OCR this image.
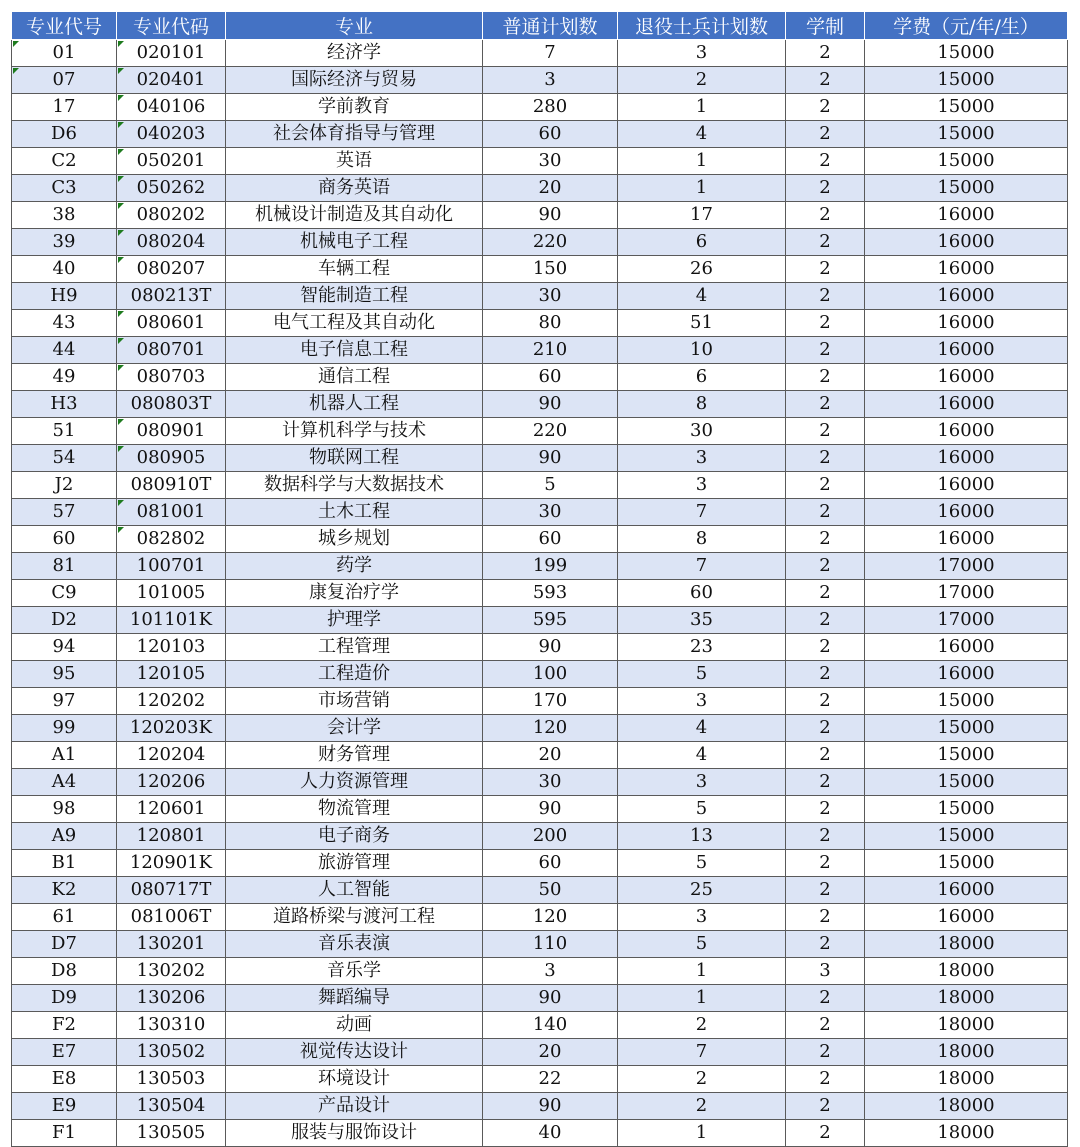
专业代号	专业代码	专业	普通计划数	退役士兵计划数	学制	学费（元/年/生）
01	020101	经济学	7	3	2	15000
07	020401	国际经济与贸易	3	2	2	15000
17	040106	学前教育	280	1	2	15000
D6	040203	社会体育指导与管理	60	4	2	15000
C2	050201	英语	30	1	2	15000
C3	050262	商务英语	20	1	2	15000
38	080202	机械设计制造及其自动化	90	17	2	16000
39	080204	机械电子工程	220	6	2	16000
40	080207	车辆工程	150	26	2	16000
H9	080213T	智能制造工程	30	4	2	16000
43	080601	电气工程及其自动化	80	51	2	16000
44	080701	电子信息工程	210	10	2	16000
49	080703	通信工程	60	6	2	16000
H3	080803T	机器人工程	90	8	2	16000
51	080901	计算机科学与技术	220	30	2	16000
54	080905	物联网工程	90	3	2	16000
J2	080910T	数据科学与大数据技术	5	3	2	16000
57	081001	土木工程	30	7	2	16000
60	082802	城乡规划	60	8	2	16000
81	100701	药学	199	7	2	17000
C9	101005	康复治疗学	593	60	2	17000
D2	101101K	护理学	595	35	2	17000
94	120103	工程管理	90	23	2	16000
95	120105	工程造价	100	5	2	16000
97	120202	市场营销	170	3	2	15000
99	120203K	会计学	120	4	2	15000
A1	120204	财务管理	20	4	2	15000
A4	120206	人力资源管理	30	3	2	15000
98	120601	物流管理	90	5	2	15000
A9	120801	电子商务	200	13	2	15000
B1	120901K	旅游管理	60	5	2	15000
K2	080717T	人工智能	50	25	2	16000
61	081006T	道路桥梁与渡河工程	120	3	2	16000
D7	130201	音乐表演	110	5	2	18000
D8	130202	音乐学	3	1	3	18000
D9	130206	舞蹈编导	90	1	2	18000
F2	130310	动画	140	2	2	18000
E7	130502	视觉传达设计	20	7	2	18000
E8	130503	环境设计	22	2	2	18000
E9	130504	产品设计	90	2	2	18000
F1	130505	服装与服饰设计	40	1	2	18000
